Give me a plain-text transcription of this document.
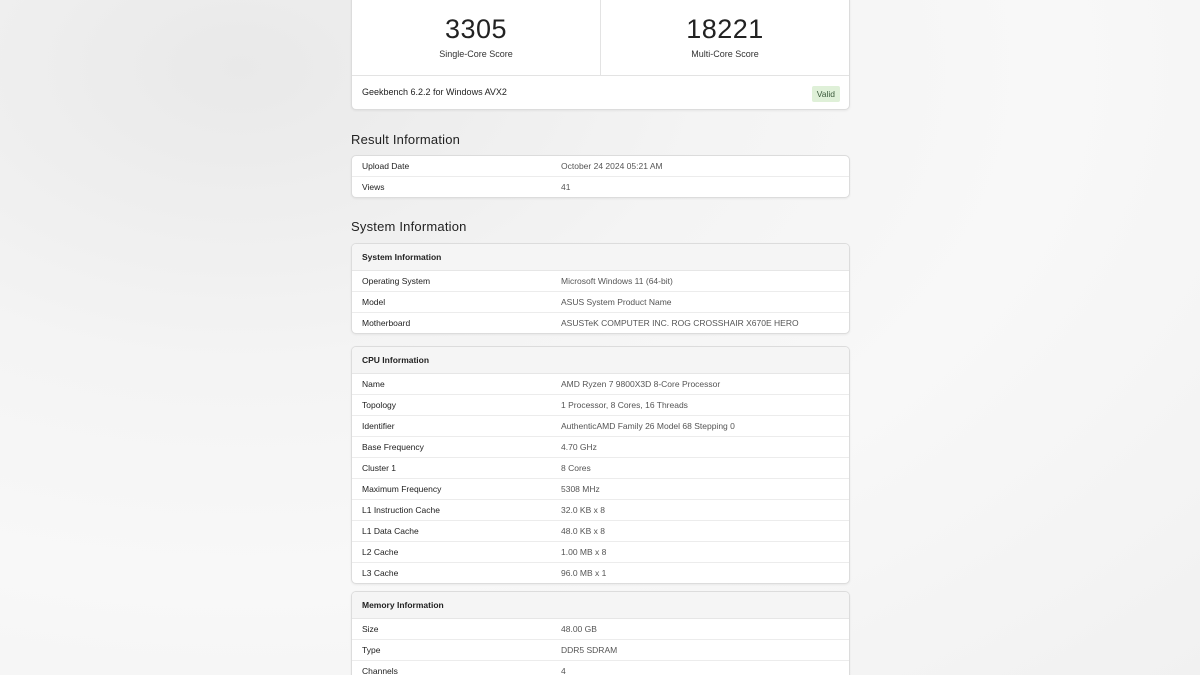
3305
Single-Core Score
18221
Multi-Core Score
Geekbench 6.2.2 for Windows AVX2	Valid
Result Information
Upload Date	October 24 2024 05:21 AM
Views	41
System Information
System Information
Operating System	Microsoft Windows 11 (64-bit)
Model	ASUS System Product Name
Motherboard	ASUSTeK COMPUTER INC. ROG CROSSHAIR X670E HERO
CPU Information
Name	AMD Ryzen 7 9800X3D 8-Core Processor
Topology	1 Processor, 8 Cores, 16 Threads
Identifier	AuthenticAMD Family 26 Model 68 Stepping 0
Base Frequency	4.70 GHz
Cluster 1	8 Cores
Maximum Frequency	5308 MHz
L1 Instruction Cache	32.0 KB x 8
L1 Data Cache	48.0 KB x 8
L2 Cache	1.00 MB x 8
L3 Cache	96.0 MB x 1
Memory Information
Size	48.00 GB
Type	DDR5 SDRAM
Channels	4
